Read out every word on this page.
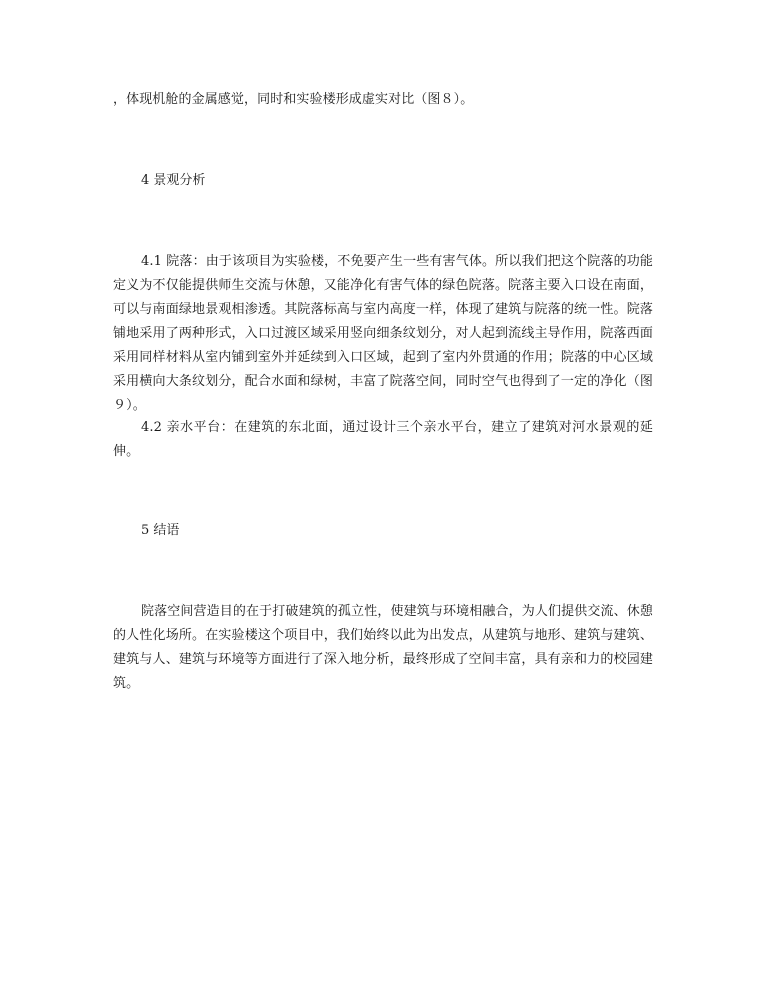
，体现机舱的金属感觉，同时和实验楼形成虚实对比（图８）。

4 景观分析

4.1 院落：由于该项目为实验楼，不免要产生一些有害气体。所以我们把这个院落的功能定义为不仅能提供师生交流与休憩，又能净化有害气体的绿色院落。院落主要入口设在南面，可以与南面绿地景观相渗透。其院落标高与室内高度一样，体现了建筑与院落的统一性。院落铺地采用了两种形式，入口过渡区域采用竖向细条纹划分，对人起到流线主导作用，院落西面采用同样材料从室内铺到室外并延续到入口区域，起到了室内外贯通的作用；院落的中心区域采用横向大条纹划分，配合水面和绿树，丰富了院落空间，同时空气也得到了一定的净化（图９）。

4.2 亲水平台：在建筑的东北面，通过设计三个亲水平台，建立了建筑对河水景观的延伸。

5 结语

院落空间营造目的在于打破建筑的孤立性，使建筑与环境相融合，为人们提供交流、休憩的人性化场所。在实验楼这个项目中，我们始终以此为出发点，从建筑与地形、建筑与建筑、建筑与人、建筑与环境等方面进行了深入地分析，最终形成了空间丰富，具有亲和力的校园建筑。
